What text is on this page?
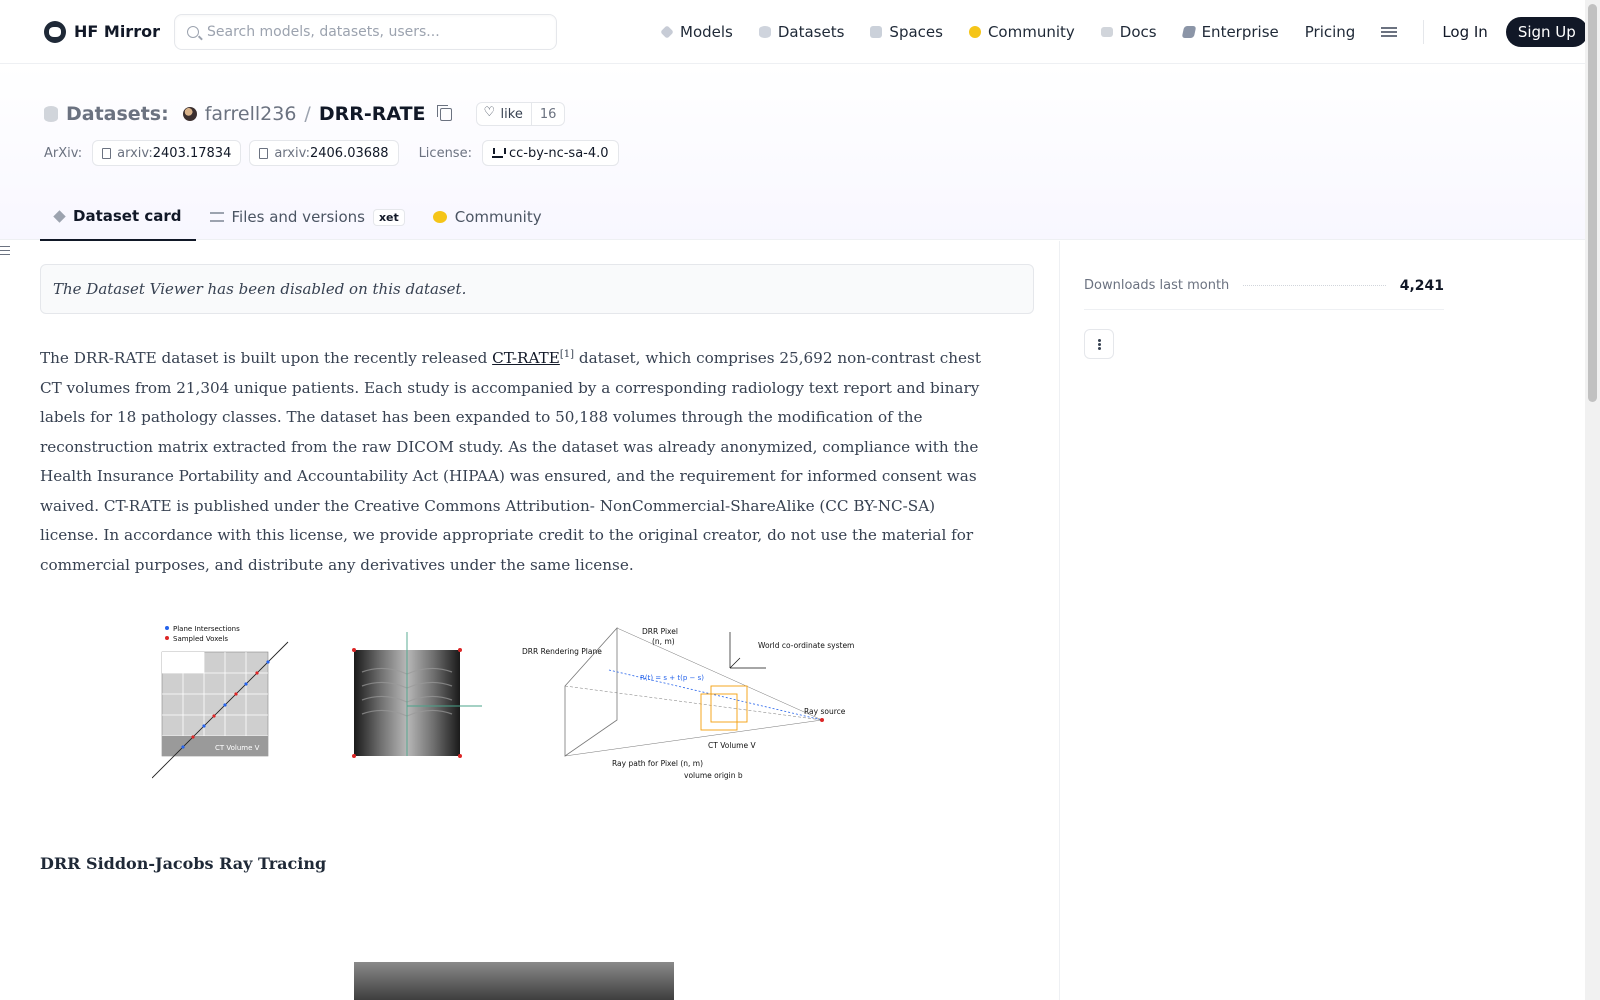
HF Mirror
Search models, datasets, users...	Models	Datasets	Spaces	Community	Docs	Enterprise Pricing	Log In	Sign Up
Datasets: farrell236 / DRR-RATE
♡	like	16
ArXiv:	arxiv:2403.17834	arxiv:2406.03688 License:	cc-by-nc-sa-4.0
Dataset card	Files and versions	xet	Community
The Dataset Viewer has been disabled on this dataset.

The DRR-RATE dataset is built upon the recently released CT-RATE[1] dataset, which comprises 25,692 non-contrast chest CT volumes from 21,304 unique patients. Each study is accompanied by a corresponding radiology text report and binary labels for 18 pathology classes. The dataset has been expanded to 50,188 volumes through the modification of the reconstruction matrix extracted from the raw DICOM study. As the dataset was already anonymized, compliance with the Health Insurance Portability and Accountability Act (HIPAA) was ensured, and the requirement for informed consent was waived. CT-RATE is published under the Creative Commons Attribution- NonCommercial-ShareAlike (CC BY-NC-SA) license. In accordance with this license, we provide appropriate credit to the original creator, do not use the material for commercial purposes, and distribute any derivatives under the same license.

Plane Intersections
Sampled Voxels
CT Volume V
DRR Rendering Plane
DRR Pixel
(n, m)
R(t) = s + t(p − s)
World co-ordinate system
Ray source
CT Volume V
Ray path for Pixel (n, m)
volume origin b
DRR Siddon-Jacobs Ray Tracing
Downloads last month	4,241
